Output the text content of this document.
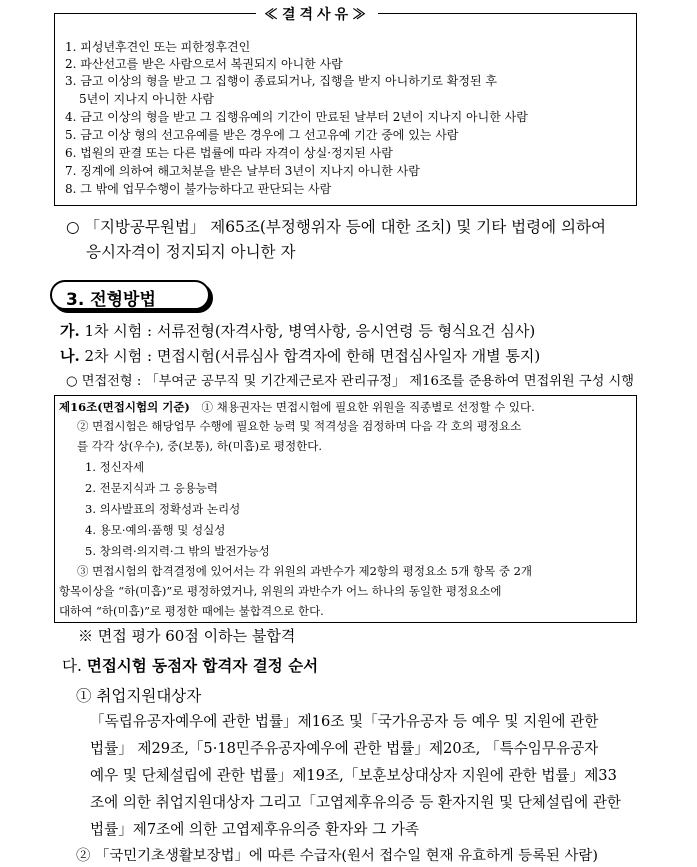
1. 피성년후견인 또는 피한정후견인
2. 파산선고를 받은 사람으로서 복권되지 아니한 사람
3. 금고 이상의 형을 받고 그 집행이 종료되거나, 집행을 받지 아니하기로 확정된 후
5년이 지나지 아니한 사람
4. 금고 이상의 형을 받고 그 집행유예의 기간이 만료된 날부터 2년이 지나지 아니한 사람
5. 금고 이상 형의 선고유예를 받은 경우에 그 선고유예 기간 중에 있는 사람
6. 법원의 판결 또는 다른 법률에 따라 자격이 상실·정지된 사람
7. 징계에 의하여 해고처분을 받은 날부터 3년이 지나지 아니한 사람
8. 그 밖에 업무수행이 불가능하다고 판단되는 사람
≪결격사유≫
○ 「지방공무원법」 제65조(부정행위자 등에 대한 조치) 및 기타 법령에 의하여
응시자격이 정지되지 아니한 자
3. 전형방법
가. 1차 시험 : 서류전형(자격사항, 병역사항, 응시연령 등 형식요건 심사)
나. 2차 시험 : 면접시험(서류심사 합격자에 한해 면접심사일자 개별 통지)
○ 면접전형 : 「부여군 공무직 및 기간제근로자 관리규정」 제16조를 준용하여 면접위원 구성 시행
제16조(면접시험의 기준) ① 채용권자는 면접시험에 필요한 위원을 직종별로 선정할 수 있다.
② 면접시험은 해당업무 수행에 필요한 능력 및 적격성을 검정하며 다음 각 호의 평정요소
를 각각 상(우수), 중(보통), 하(미흡)로 평정한다.
1. 정신자세
2. 전문지식과 그 응용능력
3. 의사발표의 정확성과 논리성
4. 용모·예의·품행 및 성실성
5. 창의력·의지력·그 밖의 발전가능성
③ 면접시험의 합격결정에 있어서는 각 위원의 과반수가 제2항의 평정요소 5개 항목 중 2개
항목이상을 “하(미흡)”로 평정하였거나, 위원의 과반수가 어느 하나의 동일한 평정요소에
대하여 “하(미흡)”로 평정한 때에는 불합격으로 한다.
※ 면접 평가 60점 이하는 불합격
다. 면접시험 동점자 합격자 결정 순서
① 취업지원대상자
「독립유공자예우에 관한 법률」제16조 및「국가유공자 등 예우 및 지원에 관한
법률」 제29조,「5·18민주유공자예우에 관한 법률」제20조, 「특수임무유공자
예우 및 단체설립에 관한 법률」제19조,「보훈보상대상자 지원에 관한 법률」제33
조에 의한 취업지원대상자 그리고「고엽제후유의증 등 환자지원 및 단체설립에 관한
법률」제7조에 의한 고엽제후유의증 환자와 그 가족
② 「국민기초생활보장법」에 따른 수급자(원서 접수일 현재 유효하게 등록된 사람)
